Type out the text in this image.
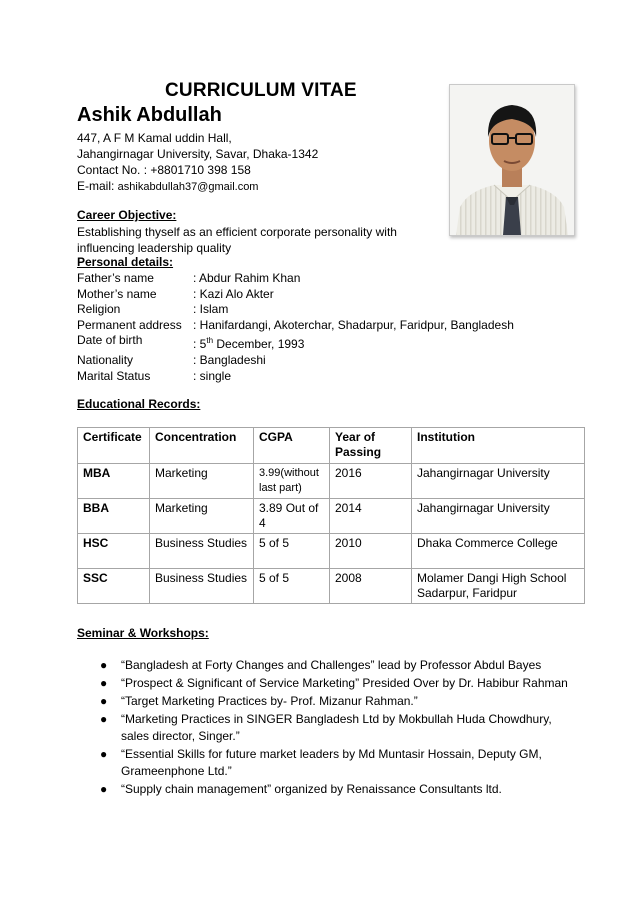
CURRICULUM VITAE
Ashik Abdullah
447, A F M Kamal uddin Hall,
Jahangirnagar University, Savar, Dhaka-1342
Contact No. : +8801710 398 158
E-mail: ashikabdullah37@gmail.com
Career Objective:
Establishing thyself as an efficient corporate personality with influencing leadership quality
Personal details:
Father’s name	: Abdur Rahim Khan
Mother’s name	: Kazi Alo Akter
Religion	: Islam
Permanent address : Hanifardangi, Akoterchar, Shadarpur, Faridpur, Bangladesh
Date of birth	: 5th December, 1993
Nationality	: Bangladeshi
Marital Status	: single
Educational Records:
Certificate	Concentration	CGPA	Year of Passing	Institution
MBA	Marketing	3.99(without last part)	2016	Jahangirnagar University
BBA	Marketing	3.89 Out of 4	2014	Jahangirnagar University
HSC	Business Studies	5 of 5	2010	Dhaka Commerce College
SSC	Business Studies	5 of 5	2008	Molamer Dangi High School Sadarpur, Faridpur
Seminar & Workshops:
● “Bangladesh at Forty Changes and Challenges” lead by Professor Abdul Bayes
● “Prospect & Significant of Service Marketing” Presided Over by Dr. Habibur Rahman
● “Target Marketing Practices by- Prof. Mizanur Rahman.”
● “Marketing Practices in SINGER Bangladesh Ltd by Mokbullah Huda Chowdhury, sales director, Singer.”
● “Essential Skills for future market leaders by Md Muntasir Hossain, Deputy GM, Grameenphone Ltd.”
● “Supply chain management” organized by Renaissance Consultants ltd.
